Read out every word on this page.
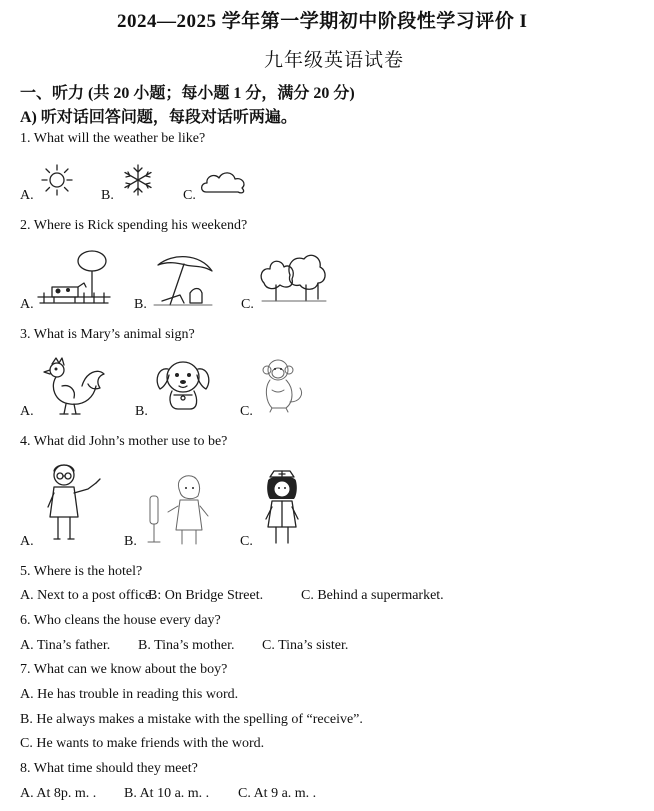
2024—2025 学年第一学期初中阶段性学习评价 I
九年级英语试卷
一、听力 (共 20 小题；每小题 1 分，满分 20 分)
A) 听对话回答问题，每段对话听两遍。
1. What will the weather be like?
A.	B.	C.
2. Where is Rick spending his weekend?
A.	B.	C.
3. What is Mary’s animal sign?
A.	B.	C.
4. What did John’s mother use to be?
A.	B.	C.
5. Where is the hotel?
A. Next to a post office.
B: On Bridge Street.	C. Behind a supermarket.
6. Who cleans the house every day?
A. Tina’s father. B. Tina’s mother. C. Tina’s sister.
7. What can we know about the boy?
A. He has trouble in reading this word.
B. He always makes a mistake with the spelling of “receive”.
C. He wants to make friends with the word.
8. What time should they meet?
A. At 8p. m. . B. At 10 a. m. . C. At 9 a. m. .
